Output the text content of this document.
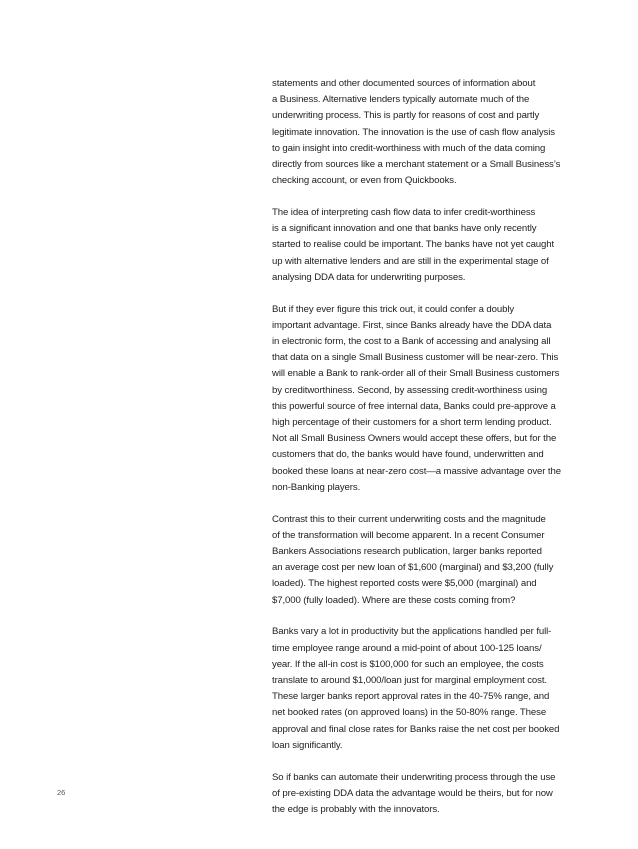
statements and other documented sources of information about
a Business. Alternative lenders typically automate much of the
underwriting process. This is partly for reasons of cost and partly
legitimate innovation. The innovation is the use of cash flow analysis
to gain insight into credit-worthiness with much of the data coming
directly from sources like a merchant statement or a Small Business’s
checking account, or even from Quickbooks.

The idea of interpreting cash flow data to infer credit-worthiness
is a significant innovation and one that banks have only recently
started to realise could be important. The banks have not yet caught
up with alternative lenders and are still in the experimental stage of
analysing DDA data for underwriting purposes.

But if they ever figure this trick out, it could confer a doubly
important advantage. First, since Banks already have the DDA data
in electronic form, the cost to a Bank of accessing and analysing all
that data on a single Small Business customer will be near-zero. This
will enable a Bank to rank-order all of their Small Business customers
by creditworthiness. Second, by assessing credit-worthiness using
this powerful source of free internal data, Banks could pre-approve a
high percentage of their customers for a short term lending product.
Not all Small Business Owners would accept these offers, but for the
customers that do, the banks would have found, underwritten and
booked these loans at near-zero cost—a massive advantage over the
non-Banking players.

Contrast this to their current underwriting costs and the magnitude
of the transformation will become apparent. In a recent Consumer
Bankers Associations research publication, larger banks reported
an average cost per new loan of $1,600 (marginal) and $3,200 (fully
loaded). The highest reported costs were $5,000 (marginal) and
$7,000 (fully loaded). Where are these costs coming from?

Banks vary a lot in productivity but the applications handled per full-
time employee range around a mid-point of about 100-125 loans/
year. If the all-in cost is $100,000 for such an employee, the costs
translate to around $1,000/loan just for marginal employment cost.
These larger banks report approval rates in the 40-75% range, and
net booked rates (on approved loans) in the 50-80% range. These
approval and final close rates for Banks raise the net cost per booked
loan significantly.

So if banks can automate their underwriting process through the use
of pre-existing DDA data the advantage would be theirs, but for now
the edge is probably with the innovators.

26
